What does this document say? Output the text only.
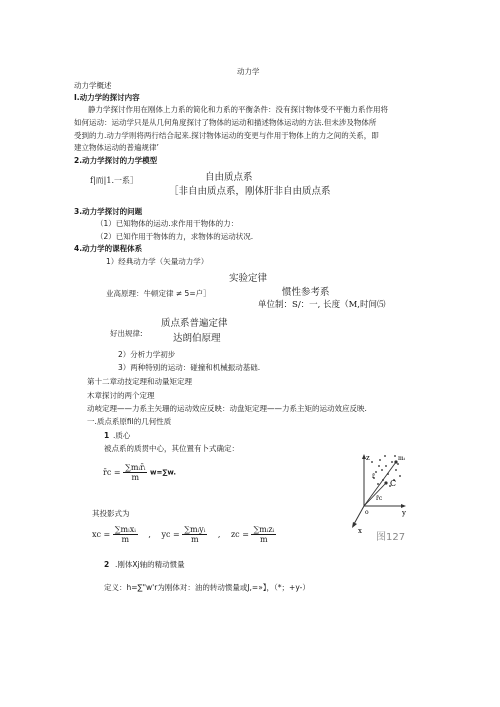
动力学
动力学概述
I.动力学的探讨内容
静力学探讨作用在刚体上力系的简化和力系的平衡条件：没有探讨物体受不平衡力系作用将
如何运动：运动学只是从几何角度探讨了物体的运动和描述物体运动的方法.但未涉及物体所
受到的力.动力学则将两行结合起来.探讨物体运动的变更与作用于物体上的力之间的关系，即
建立物体运动的普遍规律’
2.动力学探讨的力学模型
f|而|1.一系］	自由质点系
［非自由质点系，刚体肝非自由质点系
3.动力学探讨的问题
（1）已知物体的运动.求作用干物体的力：
（2）已知作用于物体的力，求物体的运动状况.
4.动力学的课程体系
1）经典动力学（矢量动力学）
实验定律
业高原理：牛顿定律 ≠ 5=户］	惯性参考系
单位制：S/：一, 长度（M,时间⑸
质点系普遍定律
好出规律:	达朗伯原理
2）分析力学初步
3）两种特别的运动：碰撞和机械振动基础.
第十二章动技定理和动量矩定理
木章探讨的两个定理
动岐定理——力系主矢珊的运动效应反映：动盘矩定理——力系主矩的运动效应反映.
一.质点系原fil的几何性质
1 .质心
被点系的质贯中心，其位置有卜式确定：
r̄c = $\frac{\text{∑mᵢr̄ᵢ}}{m} w=\sum w$.
其投影式为
xc = $\frac{\text{∑mᵢxᵢ}}{m}$ , yc = $\frac{\text{∑mᵢyᵢ}}{m}$ , zc = $\frac{\text{∑mᵢzᵢ}}{m}$
z
y
x
o
mᵢ
C
r̄
r̄c
图127
2 .刚体Xj轴的精动惯量
定义：h=∑"w'r为刚体对：油的转动惯量或J,=»】，（*；+y-）
